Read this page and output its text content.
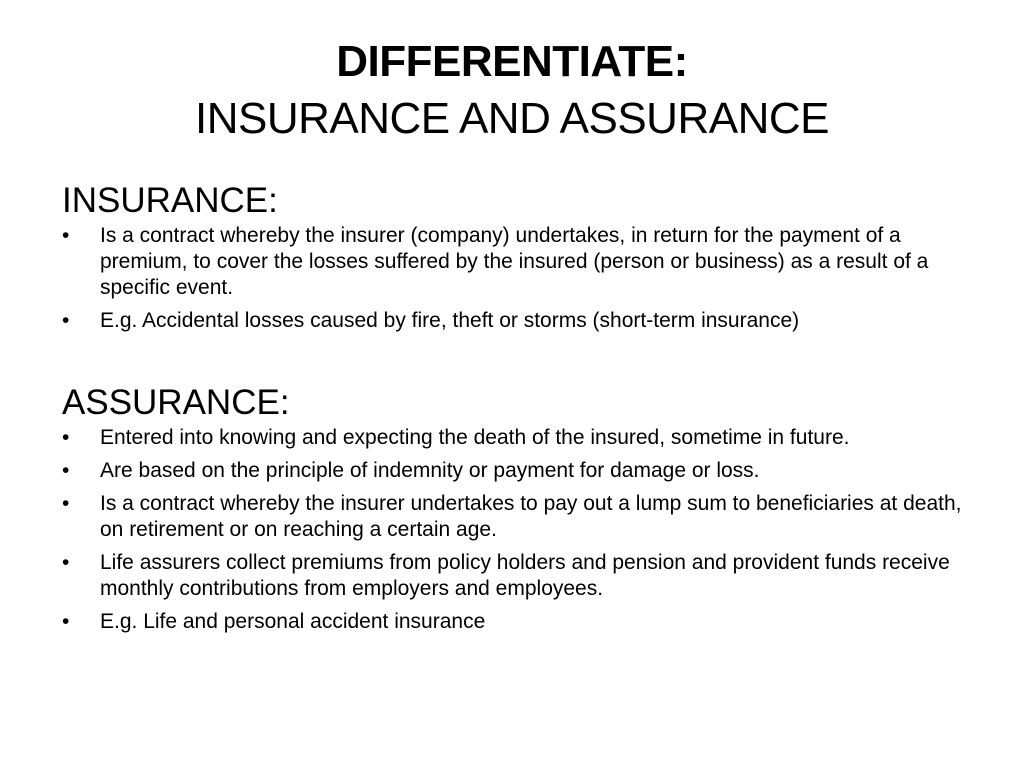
DIFFERENTIATE:
INSURANCE AND ASSURANCE
INSURANCE:
•	Is a contract whereby the insurer (company) undertakes, in return for the payment of a premium, to cover the losses suffered by the insured (person or business) as a result of a specific event.
•	E.g. Accidental losses caused by fire, theft or storms (short-term insurance)
ASSURANCE:
•	Entered into knowing and expecting the death of the insured, sometime in future.
•	Are based on the principle of indemnity or payment for damage or loss.
•	Is a contract whereby the insurer undertakes to pay out a lump sum to beneficiaries at death, on retirement or on reaching a certain age.
•	Life assurers collect premiums from policy holders and pension and provident funds receive monthly contributions from employers and employees.
•	E.g. Life and personal accident insurance
